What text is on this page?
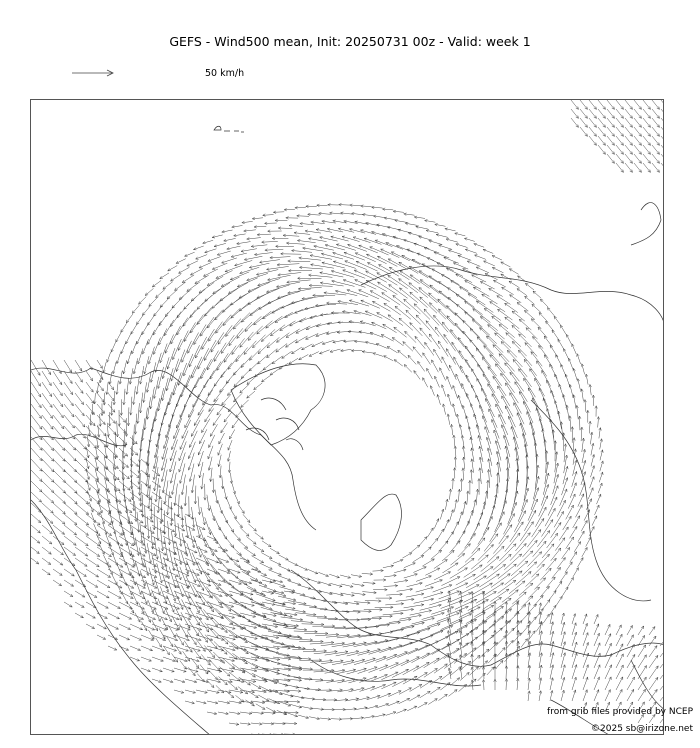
GEFS - Wind500 mean, Init: 20250731 00z - Valid: week 1
50 km/h
from grib files provided by NCEP
©2025 sb@irizone.net
